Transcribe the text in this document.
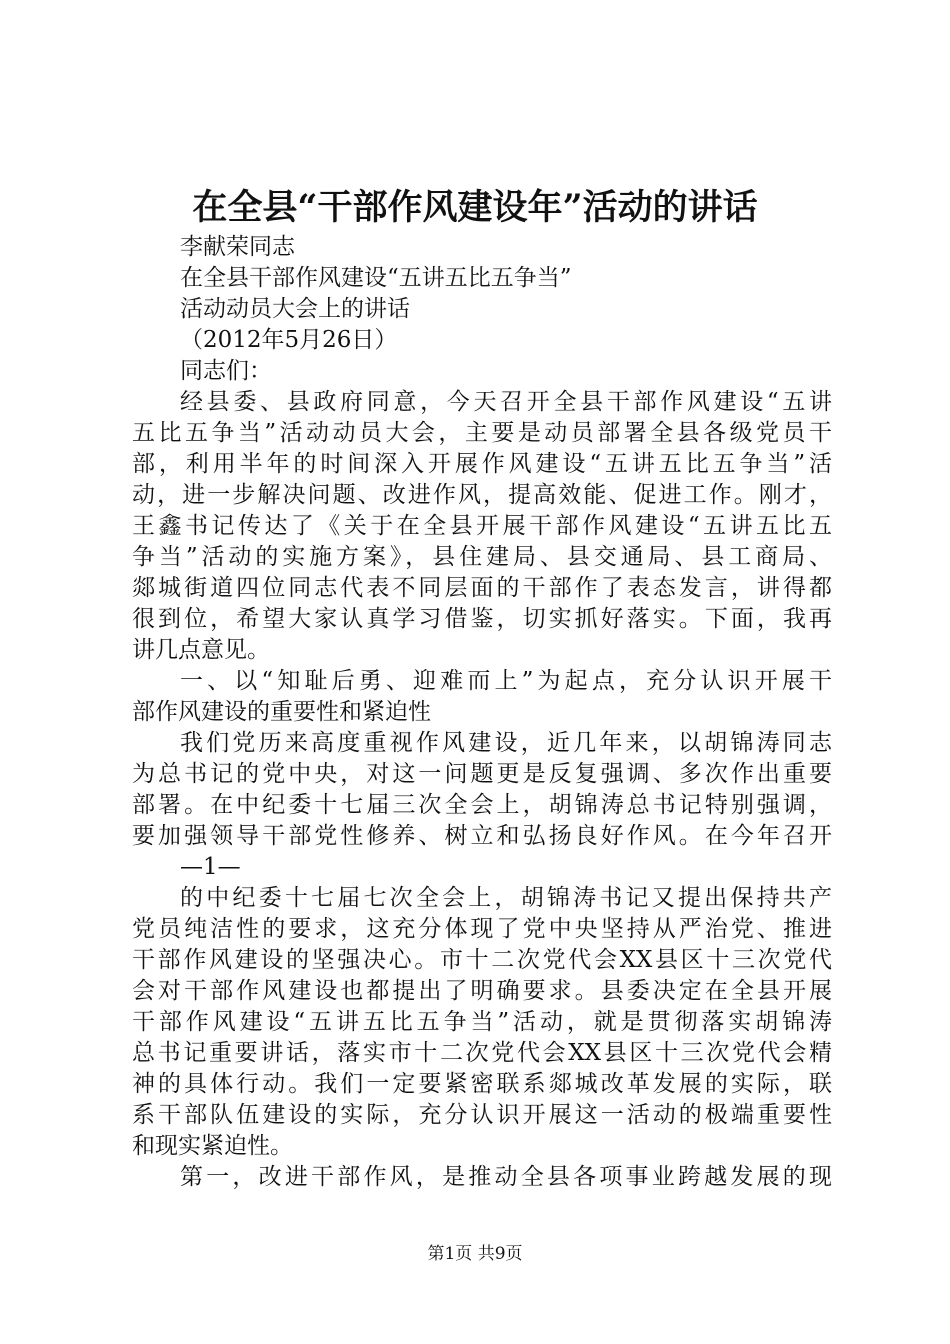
在全县“干部作风建设年”活动的讲话
李献荣同志
在全县干部作风建设“五讲五比五争当”
活动动员大会上的讲话
（2012年5月26日）
同志们：
经县委、县政府同意，今天召开全县干部作风建设“五讲
五比五争当”活动动员大会，主要是动员部署全县各级党员干
部，利用半年的时间深入开展作风建设“五讲五比五争当”活
动，进一步解决问题、改进作风，提高效能、促进工作。刚才，
王鑫书记传达了《关于在全县开展干部作风建设“五讲五比五
争当”活动的实施方案》，县住建局、县交通局、县工商局、
郯城街道四位同志代表不同层面的干部作了表态发言，讲得都
很到位，希望大家认真学习借鉴，切实抓好落实。下面，我再
讲几点意见。
一、以“知耻后勇、迎难而上”为起点，充分认识开展干
部作风建设的重要性和紧迫性
我们党历来高度重视作风建设，近几年来，以胡锦涛同志
为总书记的党中央，对这一问题更是反复强调、多次作出重要
部署。在中纪委十七届三次全会上，胡锦涛总书记特别强调，
要加强领导干部党性修养、树立和弘扬良好作风。在今年召开
—1—
的中纪委十七届七次全会上，胡锦涛书记又提出保持共产
党员纯洁性的要求，这充分体现了党中央坚持从严治党、推进
干部作风建设的坚强决心。市十二次党代会XX县区十三次党代
会对干部作风建设也都提出了明确要求。县委决定在全县开展
干部作风建设“五讲五比五争当”活动，就是贯彻落实胡锦涛
总书记重要讲话，落实市十二次党代会XX县区十三次党代会精
神的具体行动。我们一定要紧密联系郯城改革发展的实际，联
系干部队伍建设的实际，充分认识开展这一活动的极端重要性
和现实紧迫性。
第一，改进干部作风，是推动全县各项事业跨越发展的现
第1页 共9页
